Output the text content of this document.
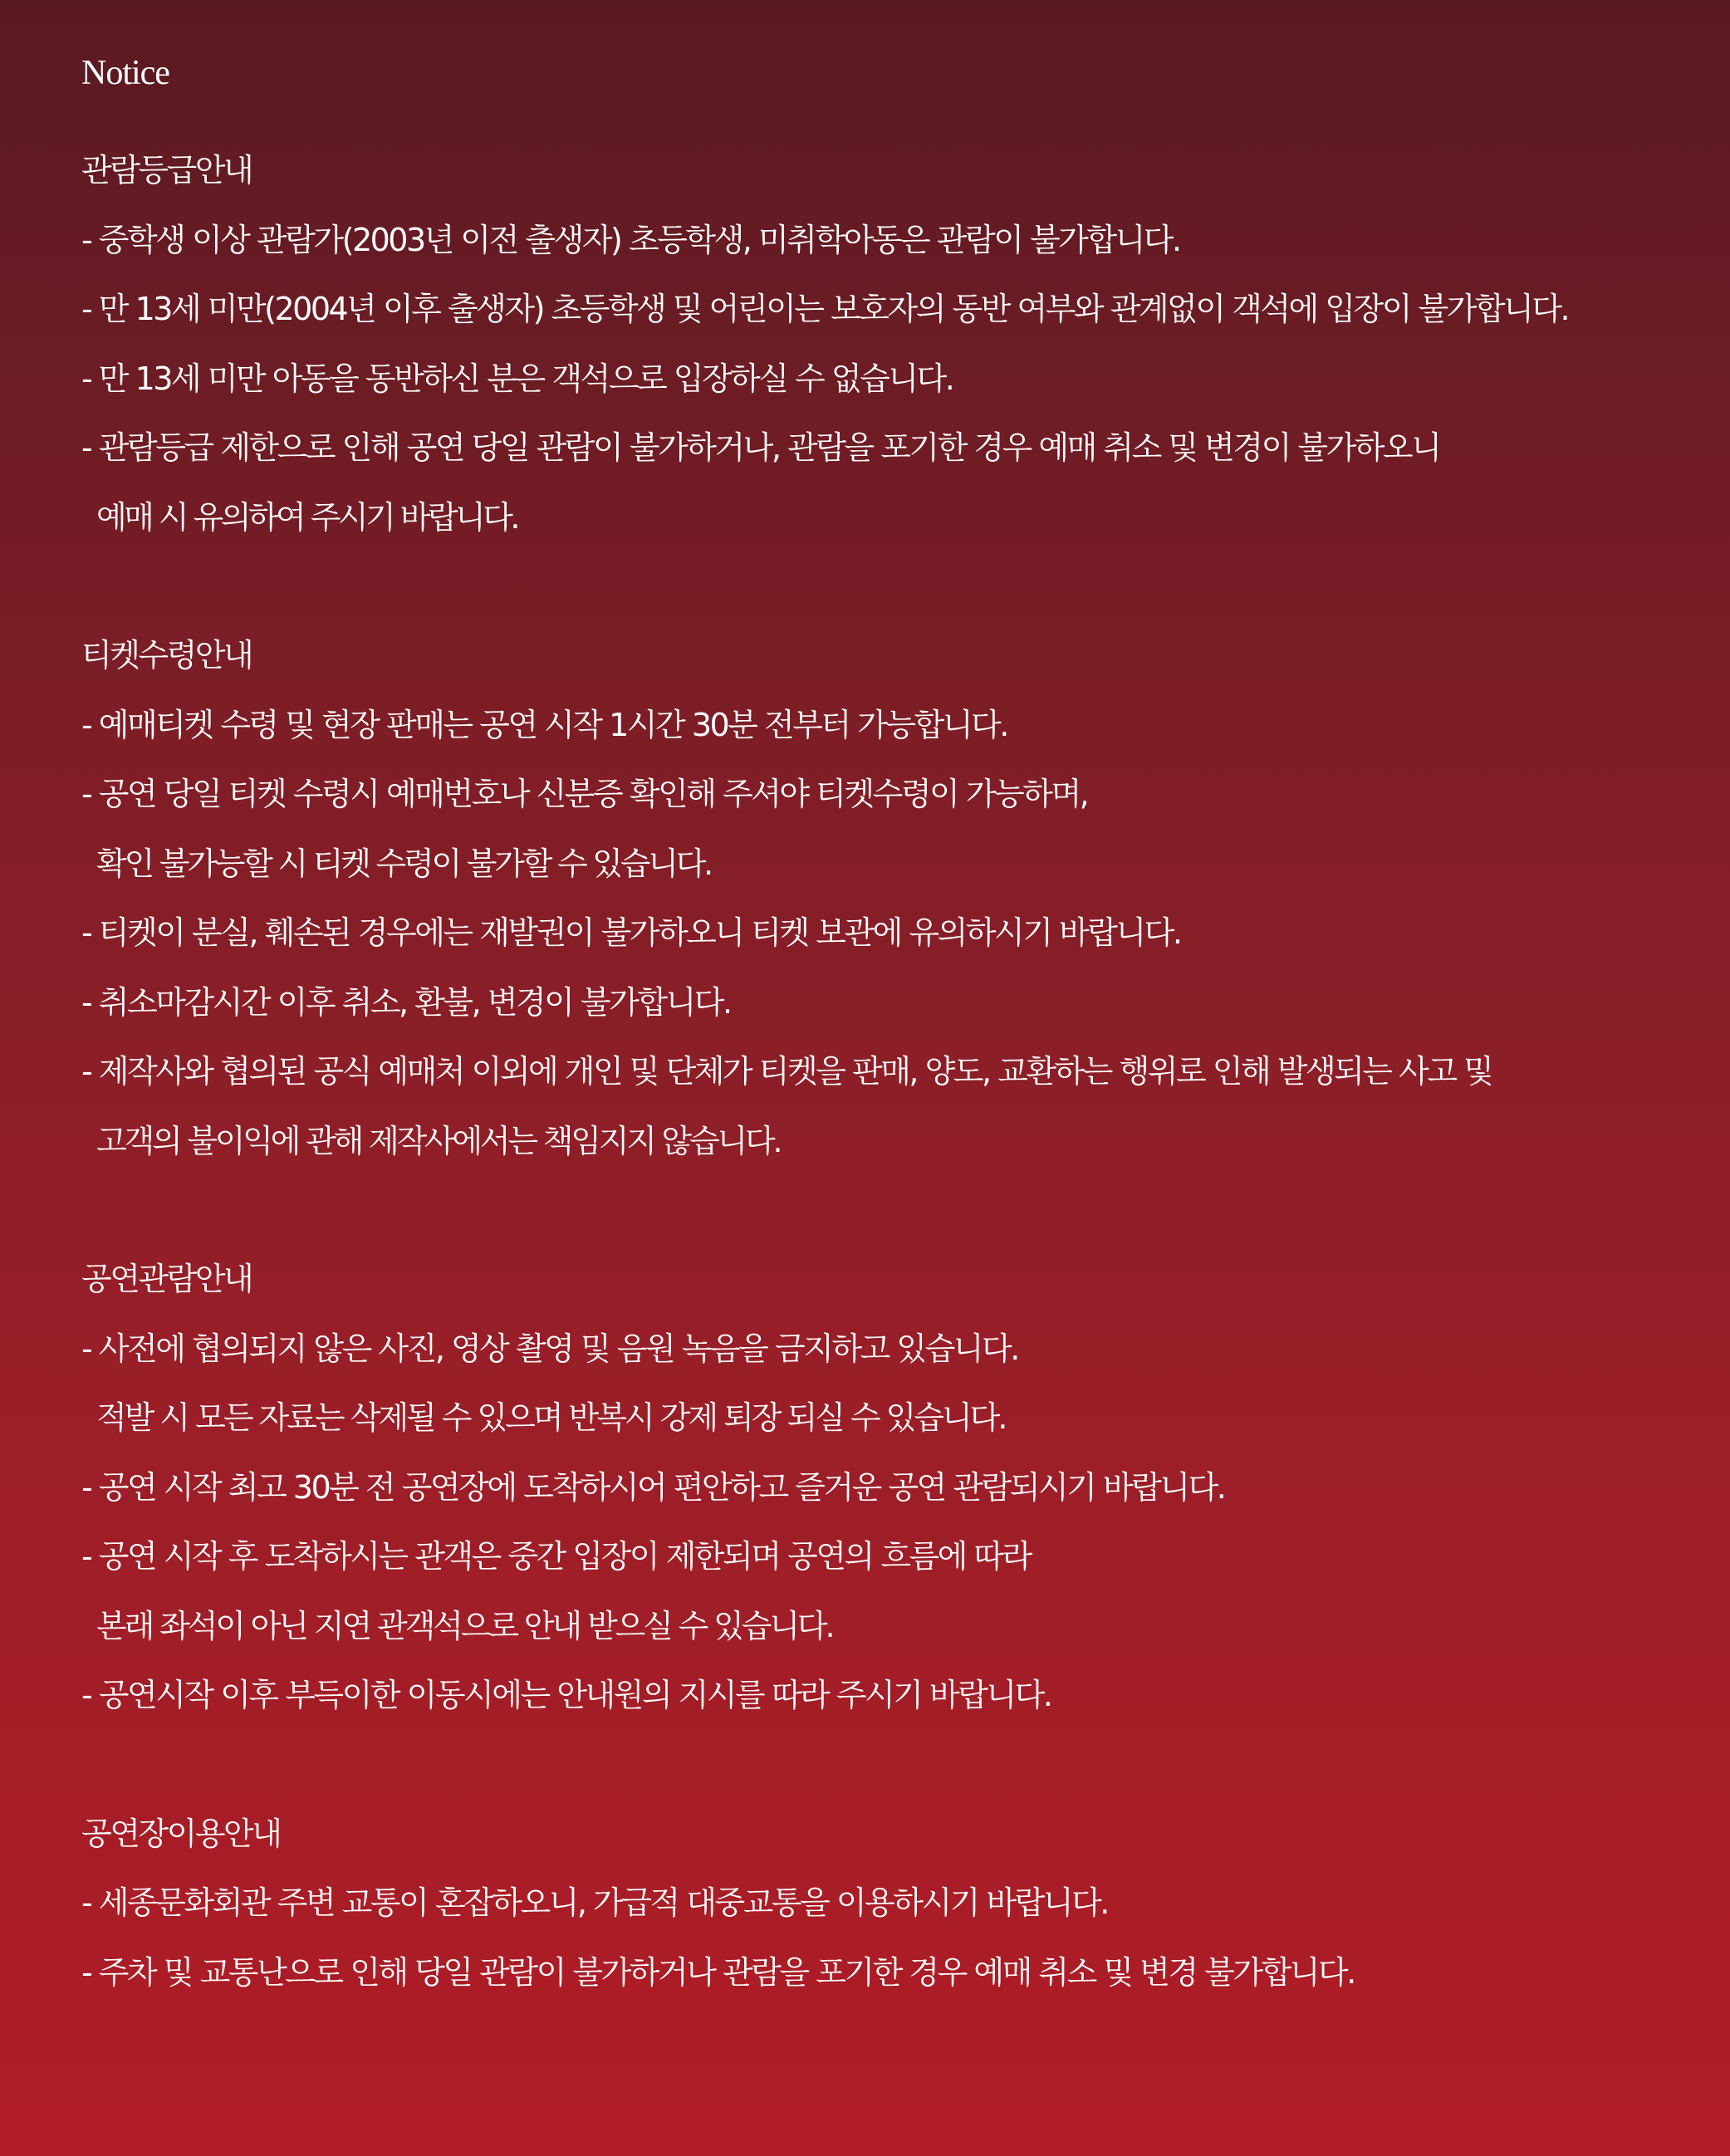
Notice
관람등급안내

- 중학생 이상 관람가(2003년 이전 출생자) 초등학생, 미취학아동은 관람이 불가합니다.

- 만 13세 미만(2004년 이후 출생자) 초등학생 및 어린이는 보호자의 동반 여부와 관계없이 객석에 입장이 불가합니다.

- 만 13세 미만 아동을 동반하신 분은 객석으로 입장하실 수 없습니다.

- 관람등급 제한으로 인해 공연 당일 관람이 불가하거나, 관람을 포기한 경우 예매 취소 및 변경이 불가하오니

예매 시 유의하여 주시기 바랍니다.

티켓수령안내

- 예매티켓 수령 및 현장 판매는 공연 시작 1시간 30분 전부터 가능합니다.

- 공연 당일 티켓 수령시 예매번호나 신분증 확인해 주셔야 티켓수령이 가능하며,

확인 불가능할 시 티켓 수령이 불가할 수 있습니다.

- 티켓이 분실, 훼손된 경우에는 재발권이 불가하오니 티켓 보관에 유의하시기 바랍니다.

- 취소마감시간 이후 취소, 환불, 변경이 불가합니다.

- 제작사와 협의된 공식 예매처 이외에 개인 및 단체가 티켓을 판매, 양도, 교환하는 행위로 인해 발생되는 사고 및

고객의 불이익에 관해 제작사에서는 책임지지 않습니다.

공연관람안내

- 사전에 협의되지 않은 사진, 영상 촬영 및 음원 녹음을 금지하고 있습니다.

적발 시 모든 자료는 삭제될 수 있으며 반복시 강제 퇴장 되실 수 있습니다.

- 공연 시작 최고 30분 전 공연장에 도착하시어 편안하고 즐거운 공연 관람되시기 바랍니다.

- 공연 시작 후 도착하시는 관객은 중간 입장이 제한되며 공연의 흐름에 따라

본래 좌석이 아닌 지연 관객석으로 안내 받으실 수 있습니다.

- 공연시작 이후 부득이한 이동시에는 안내원의 지시를 따라 주시기 바랍니다.

공연장이용안내

- 세종문화회관 주변 교통이 혼잡하오니, 가급적 대중교통을 이용하시기 바랍니다.

- 주차 및 교통난으로 인해 당일 관람이 불가하거나 관람을 포기한 경우 예매 취소 및 변경 불가합니다.
